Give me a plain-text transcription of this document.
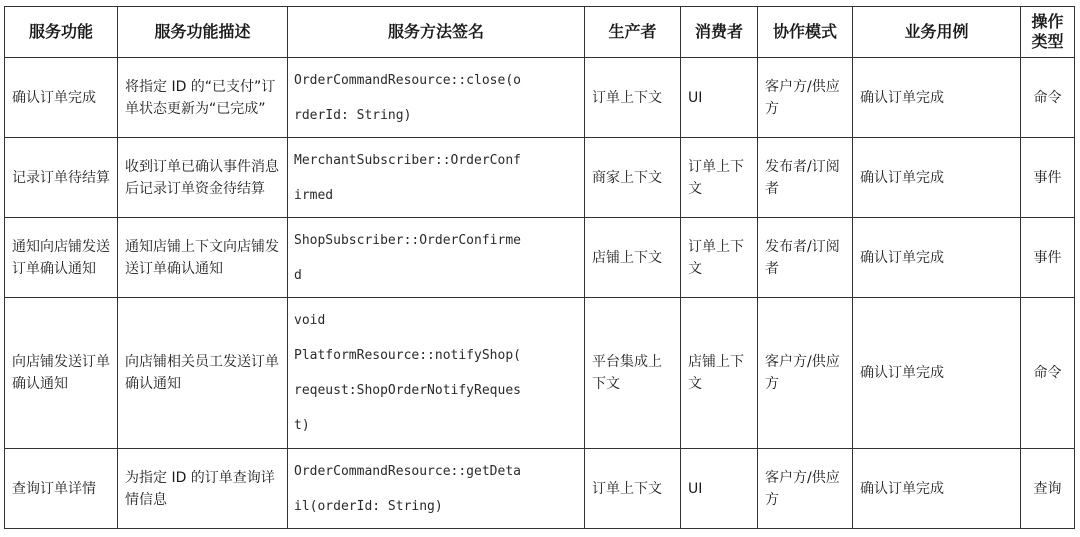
服务功能	服务功能描述	服务方法签名	生产者	消费者	协作模式	业务用例	操作类型
确认订单完成	将指定 ID 的“已支付”订单状态更新为“已完成”	OrderCommandResource::close(o
rderId: String)	订单上下文	UI	客户方/供应方	确认订单完成	命令
记录订单待结算	收到订单已确认事件消息后记录订单资金待结算	MerchantSubscriber::OrderConf
irmed	商家上下文	订单上下文	发布者/订阅者	确认订单完成	事件
通知向店铺发送订单确认通知	通知店铺上下文向店铺发送订单确认通知	ShopSubscriber::OrderConfirme
d	店铺上下文	订单上下文	发布者/订阅者	确认订单完成	事件
向店铺发送订单确认通知	向店铺相关员工发送订单确认通知	void
PlatformResource::notifyShop(
reqeust:ShopOrderNotifyReques
t)	平台集成上下文	店铺上下文	客户方/供应方	确认订单完成	命令
查询订单详情	为指定 ID 的订单查询详情信息	OrderCommandResource::getDeta
il(orderId: String)	订单上下文	UI	客户方/供应方	确认订单完成	查询
